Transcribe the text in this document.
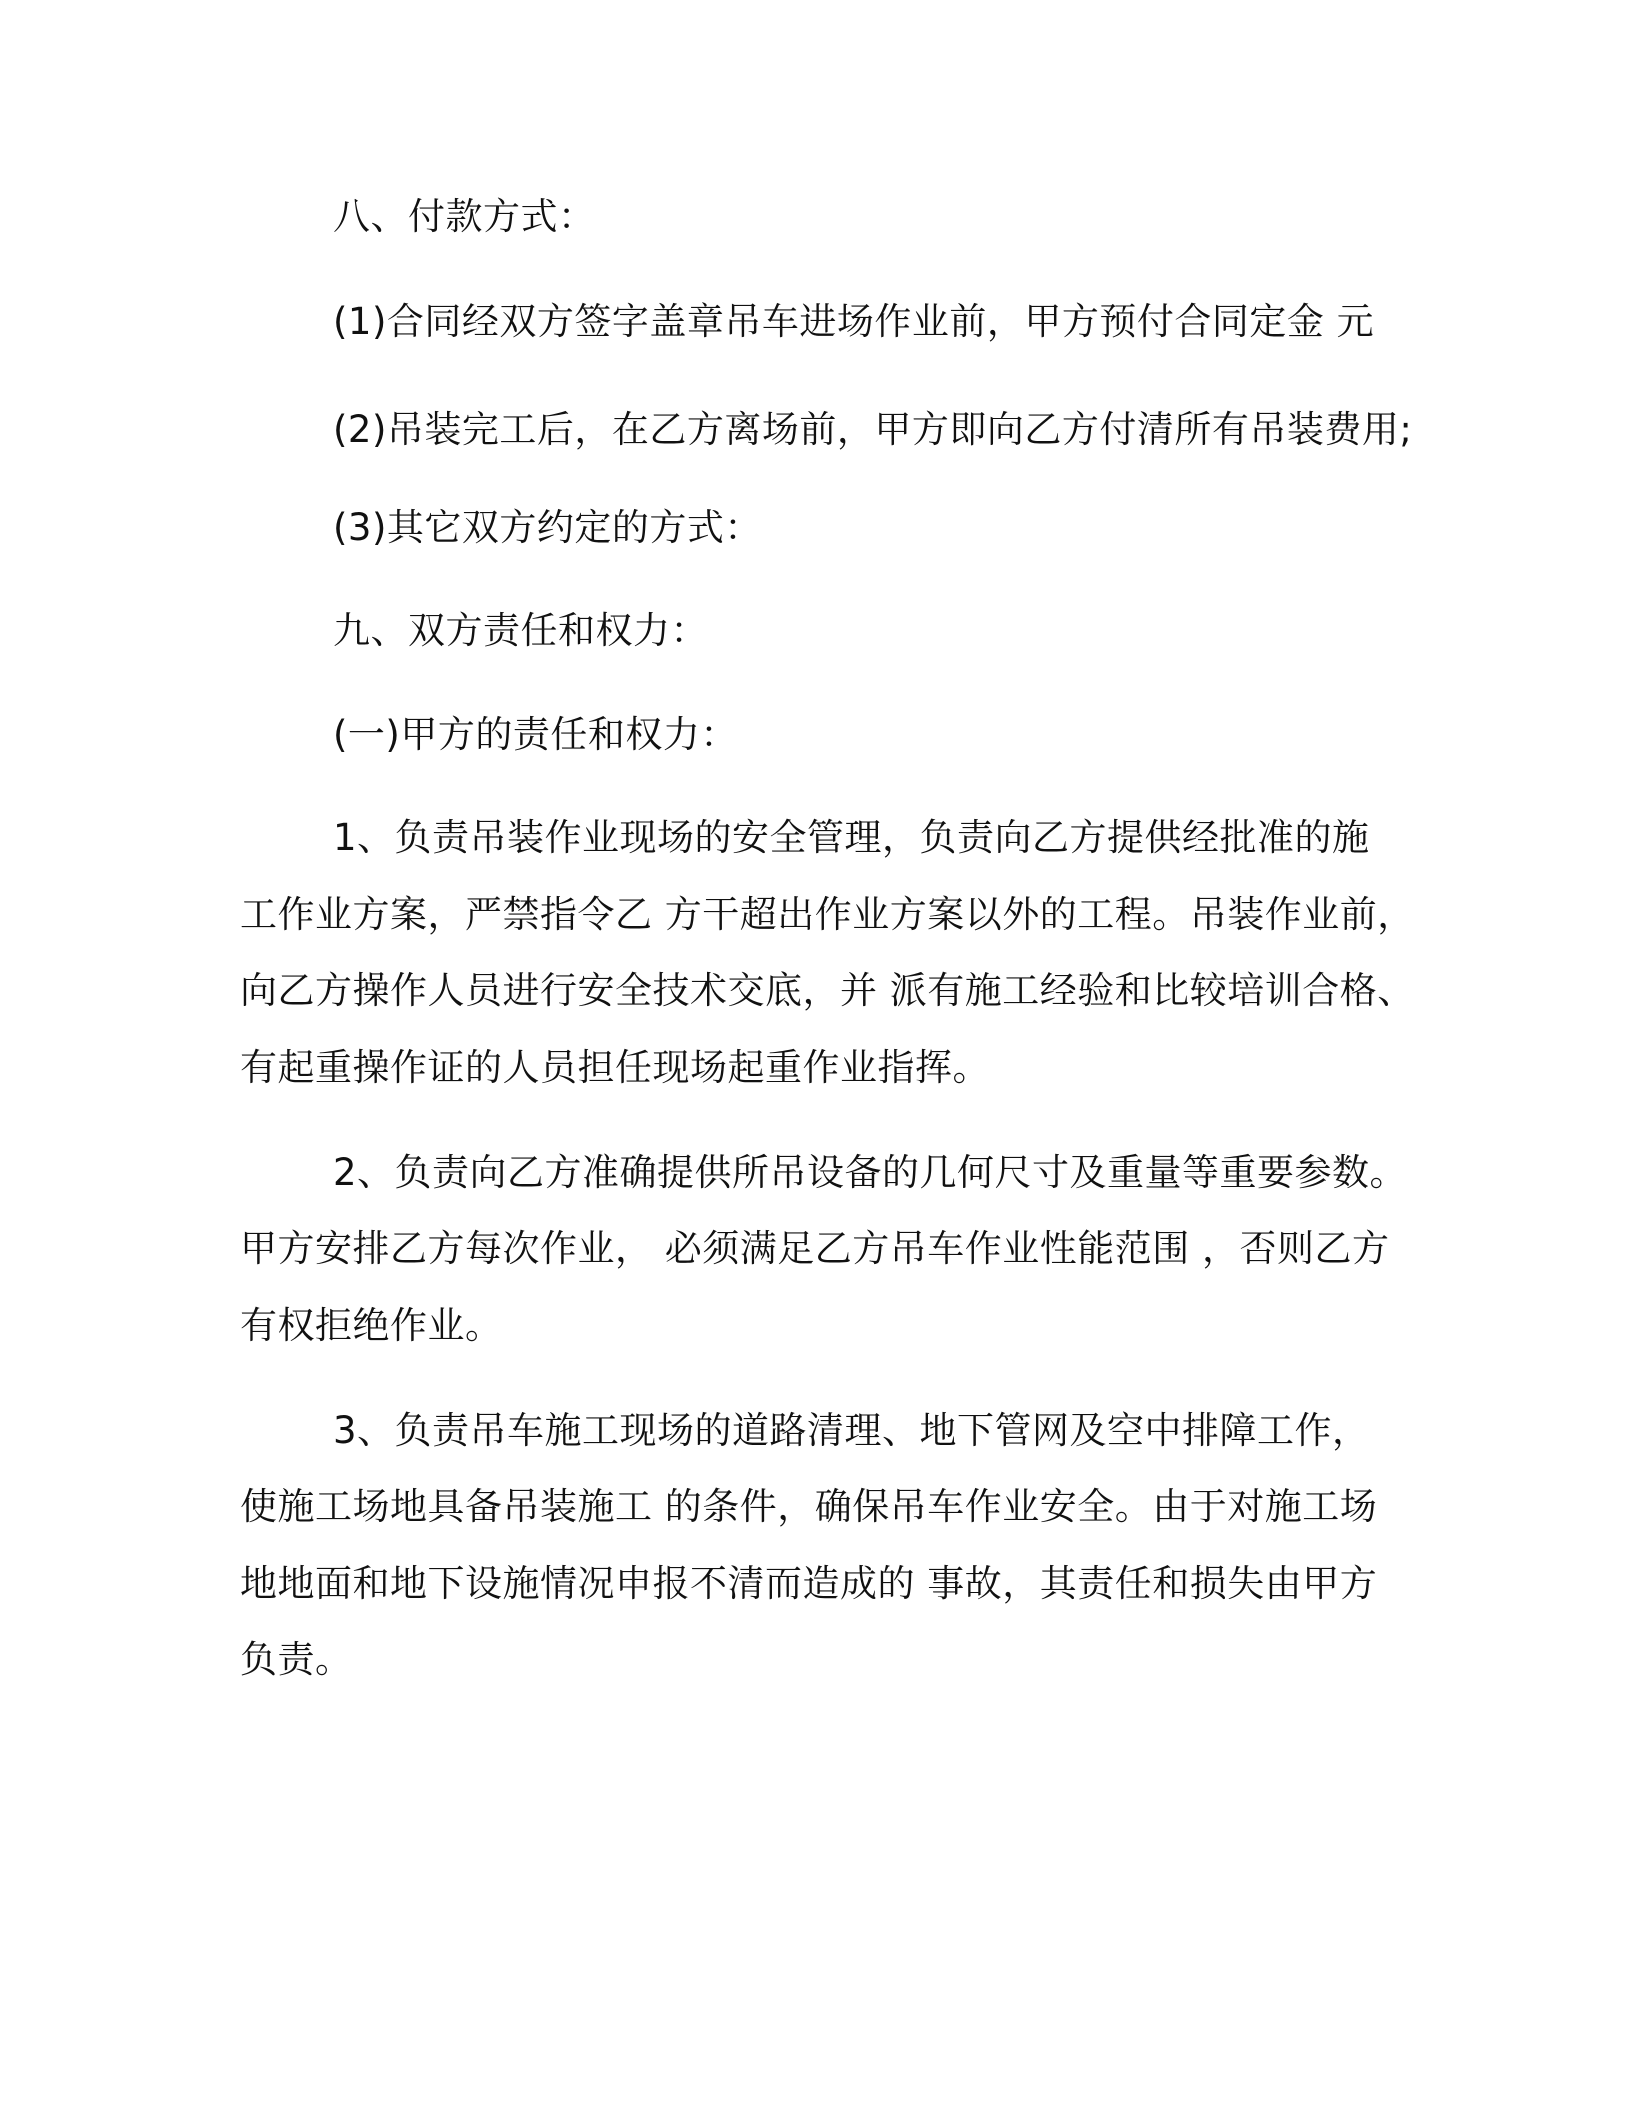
八、付款方式：
(1)合同经双方签字盖章吊车进场作业前，甲方预付合同定金 元
(2)吊装完工后，在乙方离场前，甲方即向乙方付清所有吊装费用;
(3)其它双方约定的方式：
九、双方责任和权力：
(一)甲方的责任和权力：
1、负责吊装作业现场的安全管理，负责向乙方提供经批准的施
工作业方案，严禁指令乙 方干超出作业方案以外的工程。吊装作业前，
向乙方操作人员进行安全技术交底，并 派有施工经验和比较培训合格、
有起重操作证的人员担任现场起重作业指挥。
2、负责向乙方准确提供所吊设备的几何尺寸及重量等重要参数。
甲方安排乙方每次作业， 必须满足乙方吊车作业性能范围 ，否则乙方
有权拒绝作业。
3、负责吊车施工现场的道路清理、地下管网及空中排障工作，
使施工场地具备吊装施工 的条件，确保吊车作业安全。由于对施工场
地地面和地下设施情况申报不清而造成的 事故，其责任和损失由甲方
负责。
